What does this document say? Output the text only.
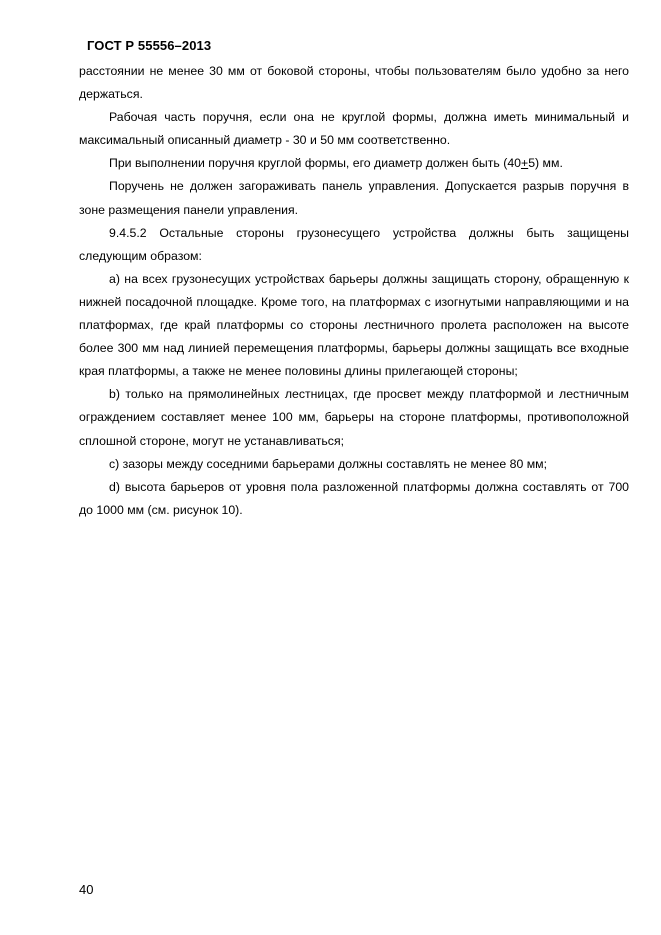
ГОСТ Р 55556–2013

расстоянии не менее 30 мм от боковой стороны, чтобы пользователям было удобно за него держаться.

Рабочая часть поручня, если она не круглой формы, должна иметь минимальный и максимальный описанный диаметр - 30 и 50 мм соответственно.

При выполнении поручня круглой формы, его диаметр должен быть (40+5) мм.

Поручень не должен загораживать панель управления. Допускается разрыв поручня в зоне размещения панели управления.

9.4.5.2 Остальные стороны грузонесущего устройства должны быть защищены следующим образом:

a) на всех грузонесущих устройствах барьеры должны защищать сторону, обращенную к нижней посадочной площадке. Кроме того, на платформах с изогнутыми направляющими и на платформах, где край платформы со стороны лестничного пролета расположен на высоте более 300 мм над линией перемещения платформы, барьеры должны защищать все входные края платформы, а также не менее половины длины прилегающей стороны;

b) только на прямолинейных лестницах, где просвет между платформой и лестничным ограждением составляет менее 100 мм, барьеры на стороне платформы, противоположной сплошной стороне, могут не устанавливаться;

c) зазоры между соседними барьерами должны составлять не менее 80 мм;

d) высота барьеров от уровня пола разложенной платформы должна составлять от 700 до 1000 мм (см. рисунок 10).

40
